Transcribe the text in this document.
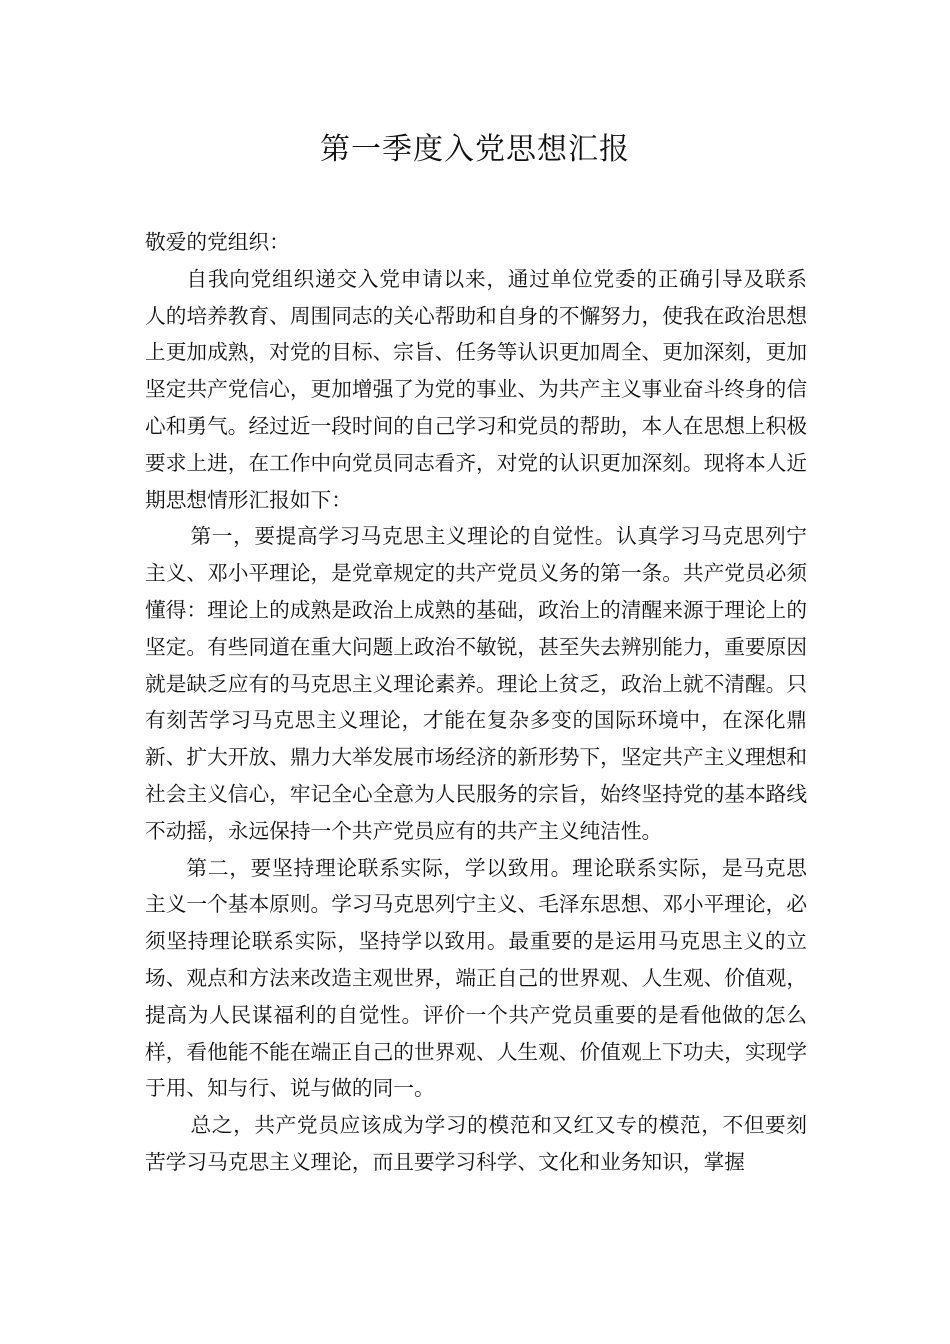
第一季度入党思想汇报

敬爱的党组织：

自我向党组织递交入党申请以来，通过单位党委的正确引导及联系人的培养教育、周围同志的关心帮助和自身的不懈努力，使我在政治思想上更加成熟，对党的目标、宗旨、任务等认识更加周全、更加深刻，更加坚定共产党信心，更加增强了为党的事业、为共产主义事业奋斗终身的信心和勇气。经过近一段时间的自己学习和党员的帮助，本人在思想上积极要求上进，在工作中向党员同志看齐，对党的认识更加深刻。现将本人近期思想情形汇报如下：

第一，要提高学习马克思主义理论的自觉性。认真学习马克思列宁主义、邓小平理论，是党章规定的共产党员义务的第一条。共产党员必须懂得：理论上的成熟是政治上成熟的基础，政治上的清醒来源于理论上的坚定。有些同道在重大问题上政治不敏锐，甚至失去辨别能力，重要原因就是缺乏应有的马克思主义理论素养。理论上贫乏，政治上就不清醒。只有刻苦学习马克思主义理论，才能在复杂多变的国际环境中，在深化鼎新、扩大开放、鼎力大举发展市场经济的新形势下，坚定共产主义理想和社会主义信心，牢记全心全意为人民服务的宗旨，始终坚持党的基本路线不动摇，永远保持一个共产党员应有的共产主义纯洁性。

第二，要坚持理论联系实际，学以致用。理论联系实际，是马克思主义一个基本原则。学习马克思列宁主义、毛泽东思想、邓小平理论，必须坚持理论联系实际，坚持学以致用。最重要的是运用马克思主义的立场、观点和方法来改造主观世界，端正自己的世界观、人生观、价值观，提高为人民谋福利的自觉性。评价一个共产党员重要的是看他做的怎么样，看他能不能在端正自己的世界观、人生观、价值观上下功夫，实现学于用、知与行、说与做的同一。

总之，共产党员应该成为学习的模范和又红又专的模范，不但要刻苦学习马克思主义理论，而且要学习科学、文化和业务知识，掌握
